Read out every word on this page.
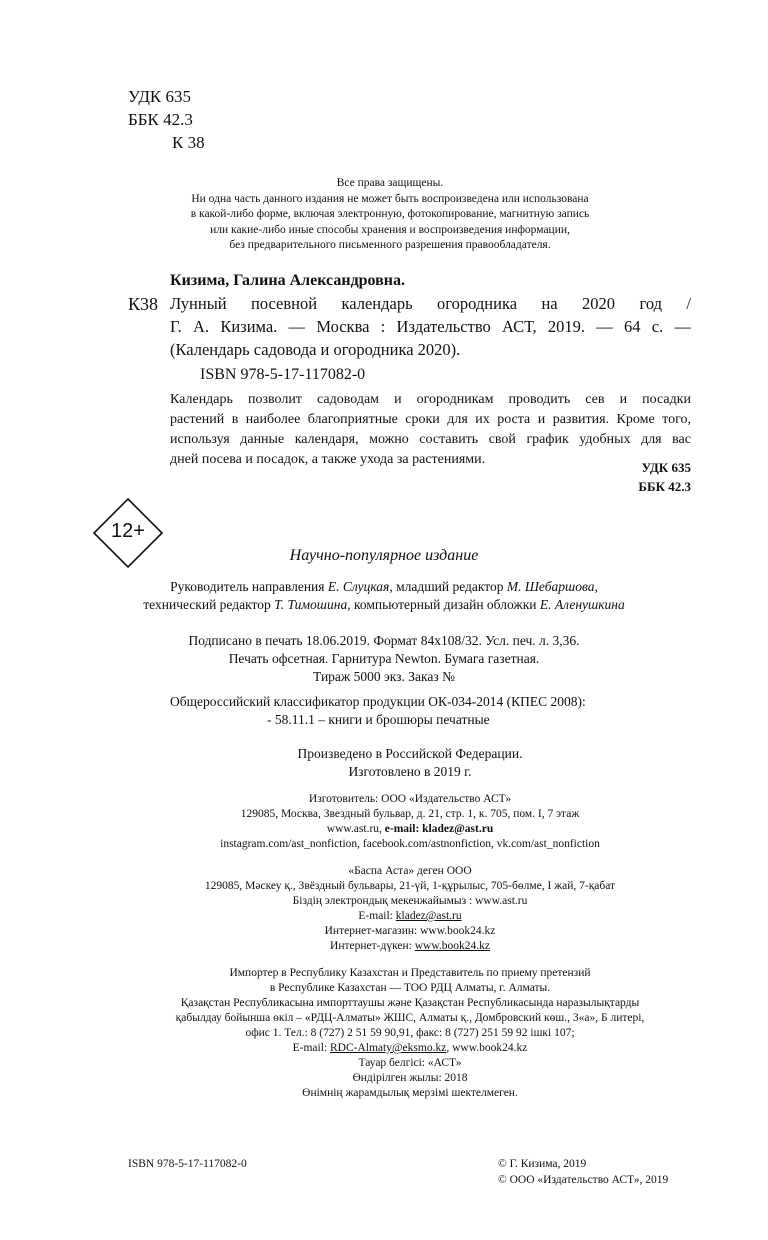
УДК 635
ББК 42.3
К 38
Все права защищены.
Ни одна часть данного издания не может быть воспроизведена или использована
в какой-либо форме, включая электронную, фотокопирование, магнитную запись
или какие-либо иные способы хранения и воспроизведения информации,
без предварительного письменного разрешения правообладателя.
Кизима, Галина Александровна.
К38 Лунный посевной календарь огородника на 2020 год /
Г. А. Кизима. — Москва : Издательство АСТ, 2019. — 64 с. —
(Календарь садовода и огородника 2020).
ISBN 978-5-17-117082-0
Календарь позволит садоводам и огородникам проводить сев и посадки
растений в наиболее благоприятные сроки для их роста и развития. Кроме того,
используя данные календаря, можно составить свой график удобных для вас
дней посева и посадок, а также ухода за растениями.
УДК 635
ББК 42.3
12+
Научно-популярное издание
Руководитель направления Е. Слуцкая, младший редактор М. Шебаршова,
технический редактор Т. Тимошина, компьютерный дизайн обложки Е. Аленушкина
Подписано в печать 18.06.2019. Формат 84x108/32. Усл. печ. л. 3,36.
Печать офсетная. Гарнитура Newton. Бумага газетная.
Тираж 5000 экз. Заказ №
Общероссийский классификатор продукции ОК-034-2014 (КПЕС 2008):
- 58.11.1 – книги и брошюры печатные
Произведено в Российской Федерации.
Изготовлено в 2019 г.
Изготовитель: ООО «Издательство АСТ»
129085, Москва, Звездный бульвар, д. 21, стр. 1, к. 705, пом. I, 7 этаж
www.ast.ru, e-mail: kladez@ast.ru
instagram.com/ast_nonfiction, facebook.com/astnonfiction, vk.com/ast_nonfiction
«Баспа Аста» деген ООО
129085, Мәскеу қ., Звёздный бульвары, 21-үй, 1-құрылыс, 705-бөлме, I жай, 7-қабат
Біздің электрондық мекенжайымыз : www.ast.ru
E-mail: kladez@ast.ru
Интернет-магазин: www.book24.kz
Интернет-дүкен: www.book24.kz
Импортер в Республику Казахстан и Представитель по приему претензий
в Республике Казахстан — ТОО РДЦ Алматы, г. Алматы.
Қазақстан Республикасына импорттаушы және Қазақстан Республикасында наразылықтарды
қабылдау бойынша өкіл – «РДЦ-Алматы» ЖШС, Алматы қ., Домбровский көш., 3«а», Б литері,
офис 1. Тел.: 8 (727) 2 51 59 90,91, факс: 8 (727) 251 59 92 ішкі 107;
E-mail: RDC-Almaty@eksmo.kz, www.book24.kz
Тауар белгісі: «АСТ»
Өндірілген жылы: 2018
Өнімнің жарамдылық мерзімі шектелмеген.
ISBN 978-5-17-117082-0	© Г. Кизима, 2019
© ООО «Издательство АСТ», 2019
